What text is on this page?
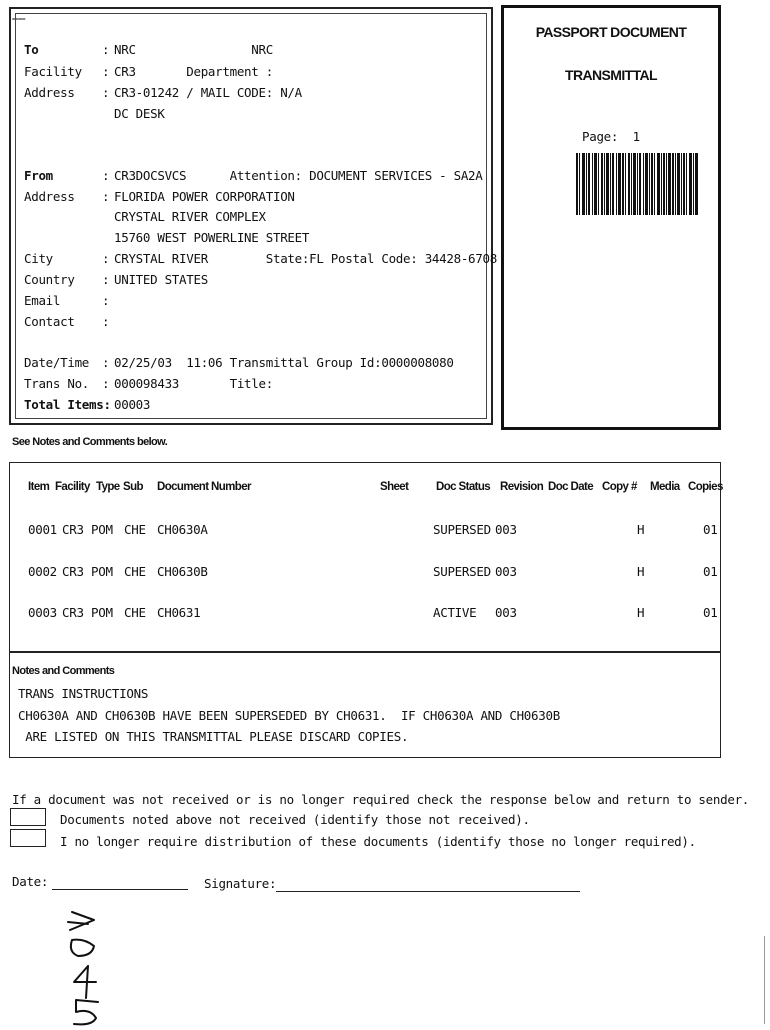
====
To	: NRC                NRC
Facility : CR3       Department :
Address : CR3-01242 / MAIL CODE: N/A
DC DESK
From	: CR3DOCSVCS      Attention: DOCUMENT SERVICES - SA2A
Address : FLORIDA POWER CORPORATION
CRYSTAL RIVER COMPLEX
15760 WEST POWERLINE STREET
City	: CRYSTAL RIVER        State:FL Postal Code: 34428-6708
Country : UNITED STATES
Email	:
Contact :
Date/Time : 02/25/03  11:06 Transmittal Group Id:0000008080
Trans No. : 000098433       Title:
Total Items: 00003
PASSPORT DOCUMENT
TRANSMITTAL
Page: 1
See Notes and Comments below.
Item Facility Type Sub Document Number	Sheet Doc Status Revision Doc Date Copy # Media Copies
0001 CR3 POM CHE CH0630A	SUPERSED 003	H	01
0002 CR3 POM CHE CH0630B	SUPERSED 003	H	01
0003 CR3 POM CHE CH0631	ACTIVE 003	H	01
Notes and Comments
TRANS INSTRUCTIONS
CH0630A AND CH0630B HAVE BEEN SUPERSEDED BY CH0631.  IF CH0630A AND CH0630B
ARE LISTED ON THIS TRANSMITTAL PLEASE DISCARD COPIES.
If a document was not received or is no longer required check the response below and return to sender.
Documents noted above not received (identify those not received).
I no longer require distribution of these documents (identify those no longer required).
Date:	Signature:
